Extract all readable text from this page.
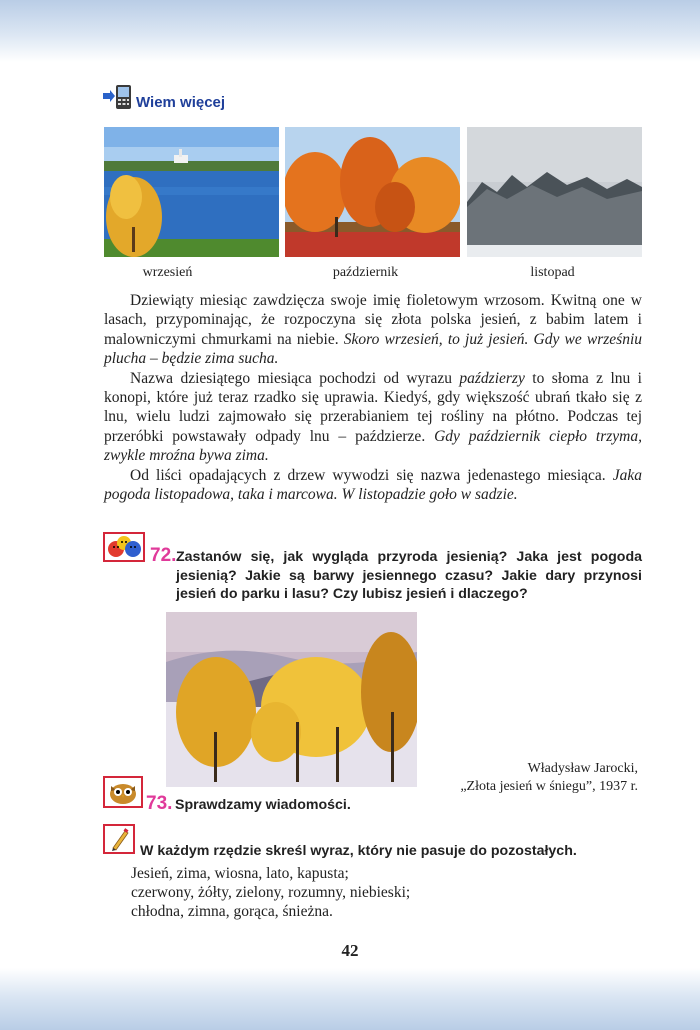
Wiem więcej
wrzesień	październik	listopad

Dziewiąty miesiąc zawdzięcza swoje imię fioletowym wrzosom. Kwitną one w lasach, przypominając, że rozpoczyna się złota polska jesień, z babim latem i malowniczymi chmurkami na niebie. Skoro wrzesień, to już jesień. Gdy we wrześniu plucha – będzie zima sucha.

Nazwa dziesiątego miesiąca pochodzi od wyrazu paździerzy to słoma z lnu i konopi, które już teraz rzadko się uprawia. Kiedyś, gdy większość ubrań tkało się z lnu, wielu ludzi zajmowało się przerabianiem tej rośliny na płótno. Podczas tej przeróbki powstawały odpady lnu – paździerze. Gdy październik ciepło trzyma, zwykle mroźna bywa zima.

Od liści opadających z drzew wywodzi się nazwa jedenastego miesiąca. Jaka pogoda listopadowa, taka i marcowa. W listopadzie goło w sadzie.

72. Zastanów się, jak wygląda przyroda jesienią? Jaka jest pogoda jesienią? Jakie są barwy jesiennego czasu? Jakie dary przynosi jesień do parku i lasu? Czy lubisz jesień i dlaczego?
Władysław Jarocki,
„Złota jesień w śniegu”, 1937 r.
73. Sprawdzamy wiadomości.
W każdym rzędzie skreśl wyraz, który nie pasuje do pozostałych.
Jesień, zima, wiosna, lato, kapusta;
czerwony, żółty, zielony, rozumny, niebieski;
chłodna, zimna, gorąca, śnieżna.
42
